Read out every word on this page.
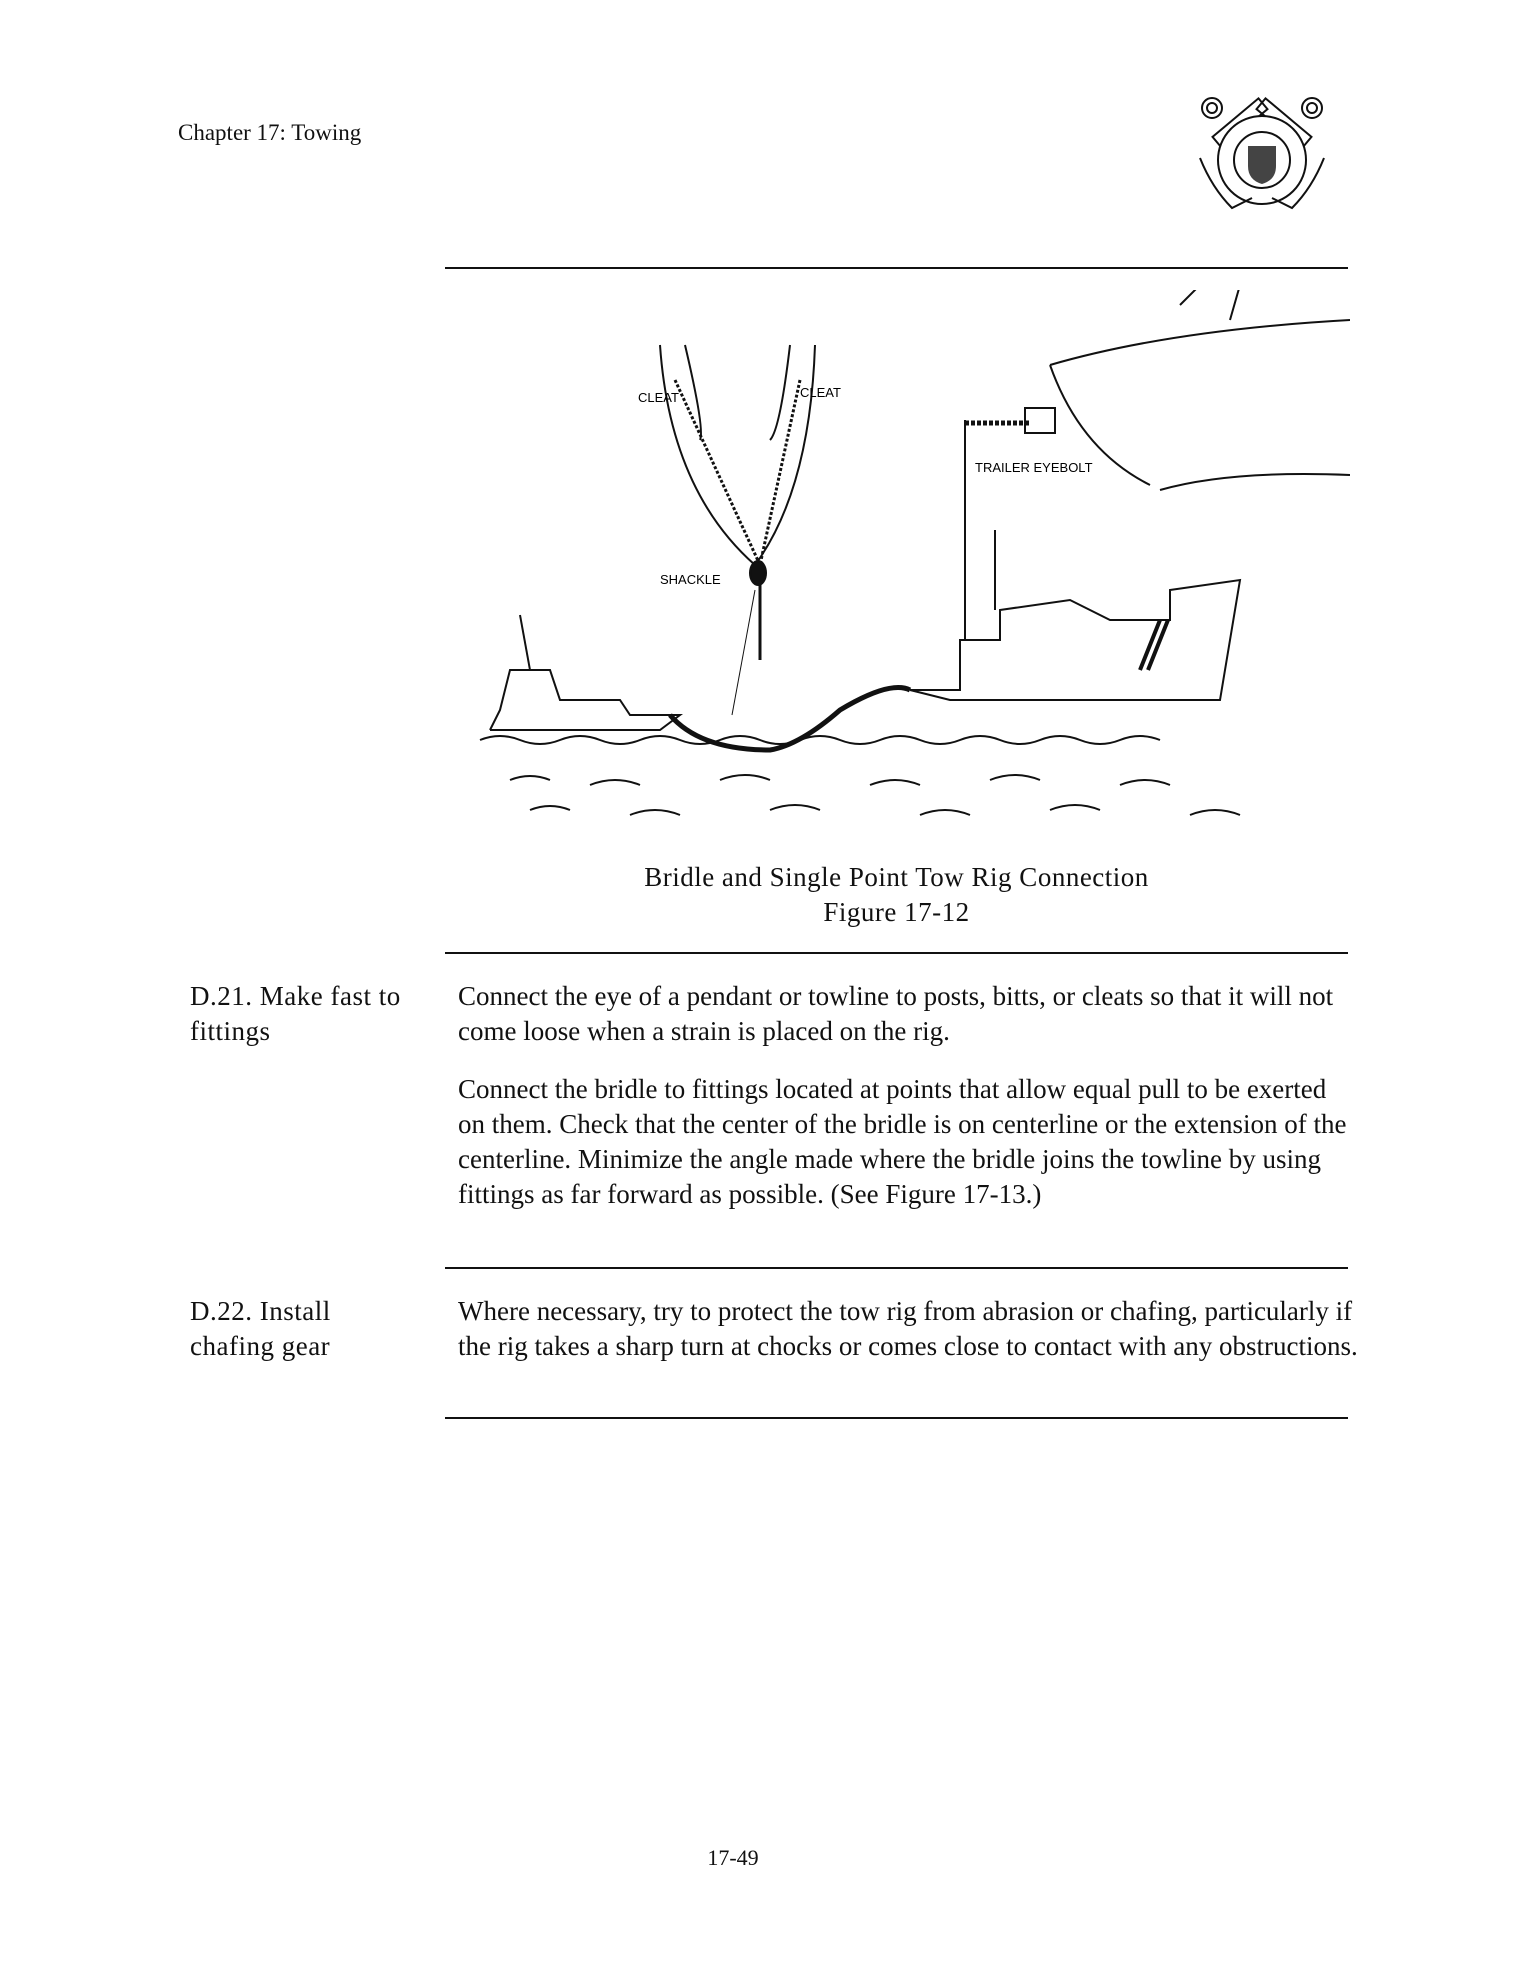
Chapter 17: Towing
CLEAT	CLEAT
SHACKLE
TRAILER EYEBOLT
Bridle and Single Point Tow Rig Connection
Figure 17-12
D.21. Make fast to fittings
Connect the eye of a pendant or towline to posts, bitts, or cleats so that it will not come loose when a strain is placed on the rig.
Connect the bridle to fittings located at points that allow equal pull to be exerted on them. Check that the center of the bridle is on centerline or the extension of the centerline. Minimize the angle made where the bridle joins the towline by using fittings as far forward as possible. (See Figure 17-13.)
D.22. Install chafing gear
Where necessary, try to protect the tow rig from abrasion or chafing, particularly if the rig takes a sharp turn at chocks or comes close to contact with any obstructions.
17-49
